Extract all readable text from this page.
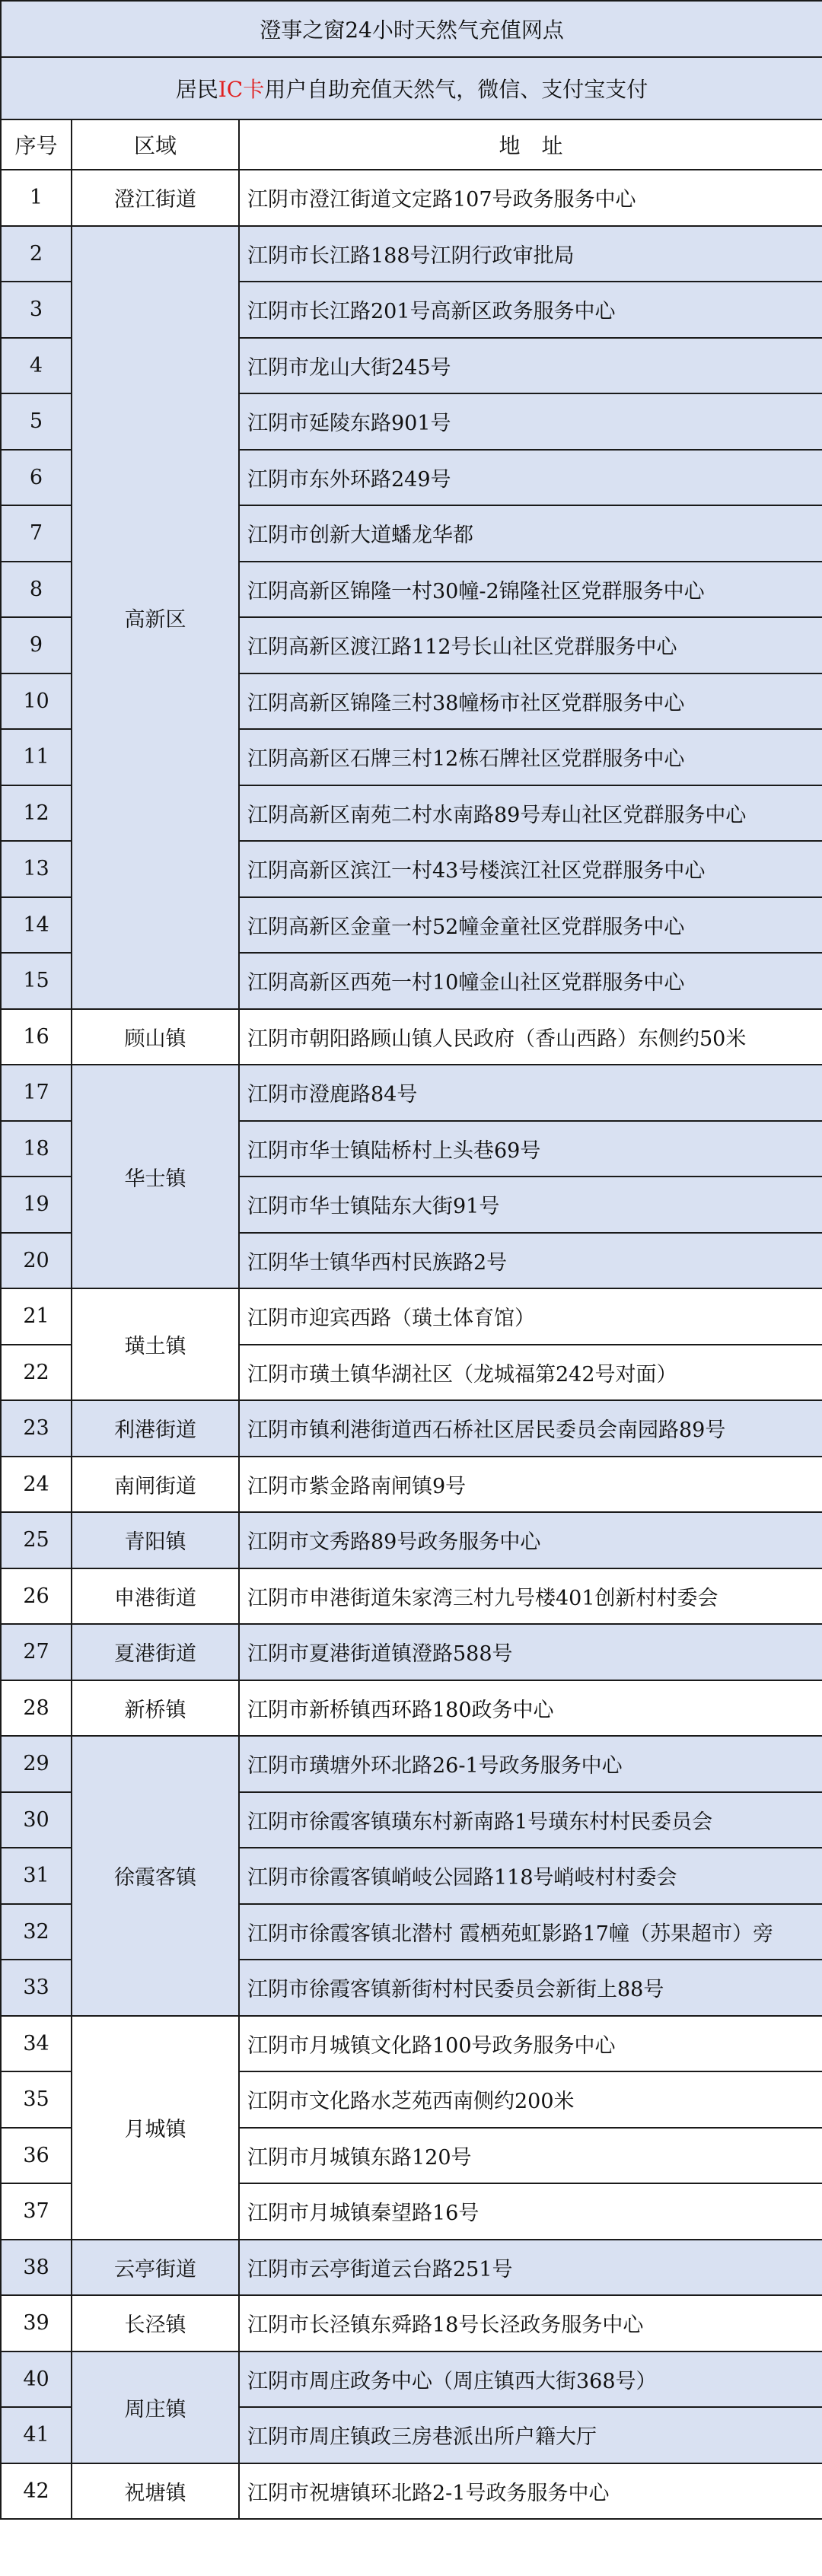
澄事之窗24小时天然气充值网点		
居民IC卡用户自助充值天然气，微信、支付宝支付		
序号	区域	地　址
1	澄江街道	江阴市澄江街道文定路107号政务服务中心
2	高新区	江阴市长江路188号江阴行政审批局
3		江阴市长江路201号高新区政务服务中心
4		江阴市龙山大街245号
5		江阴市延陵东路901号
6		江阴市东外环路249号
7		江阴市创新大道蟠龙华都
8		江阴高新区锦隆一村30幢-2锦隆社区党群服务中心
9		江阴高新区渡江路112号长山社区党群服务中心
10		江阴高新区锦隆三村38幢杨市社区党群服务中心
11		江阴高新区石牌三村12栋石牌社区党群服务中心
12		江阴高新区南苑二村水南路89号寿山社区党群服务中心
13		江阴高新区滨江一村43号楼滨江社区党群服务中心
14		江阴高新区金童一村52幢金童社区党群服务中心
15		江阴高新区西苑一村10幢金山社区党群服务中心
16	顾山镇	江阴市朝阳路顾山镇人民政府（香山西路）东侧约50米
17	华士镇	江阴市澄鹿路84号
18		江阴市华士镇陆桥村上头巷69号
19		江阴市华士镇陆东大街91号
20		江阴华士镇华西村民族路2号
21	璜土镇	江阴市迎宾西路（璜土体育馆）
22		江阴市璜土镇华湖社区（龙城福第242号对面）
23	利港街道	江阴市镇利港街道西石桥社区居民委员会南园路89号
24	南闸街道	江阴市紫金路南闸镇9号
25	青阳镇	江阴市文秀路89号政务服务中心
26	申港街道	江阴市申港街道朱家湾三村九号楼401创新村村委会
27	夏港街道	江阴市夏港街道镇澄路588号
28	新桥镇	江阴市新桥镇西环路180政务中心
29	徐霞客镇	江阴市璜塘外环北路26-1号政务服务中心
30		江阴市徐霞客镇璜东村新南路1号璜东村村民委员会
31		江阴市徐霞客镇峭岐公园路118号峭岐村村委会
32		江阴市徐霞客镇北潜村 霞栖苑虹影路17幢（苏果超市）旁
33		江阴市徐霞客镇新街村村民委员会新街上88号
34	月城镇	江阴市月城镇文化路100号政务服务中心
35		江阴市文化路水芝苑西南侧约200米
36		江阴市月城镇东路120号
37		江阴市月城镇秦望路16号
38	云亭街道	江阴市云亭街道云台路251号
39	长泾镇	江阴市长泾镇东舜路18号长泾政务服务中心
40	周庄镇	江阴市周庄政务中心（周庄镇西大街368号）
41		江阴市周庄镇政三房巷派出所户籍大厅
42	祝塘镇	江阴市祝塘镇环北路2-1号政务服务中心
